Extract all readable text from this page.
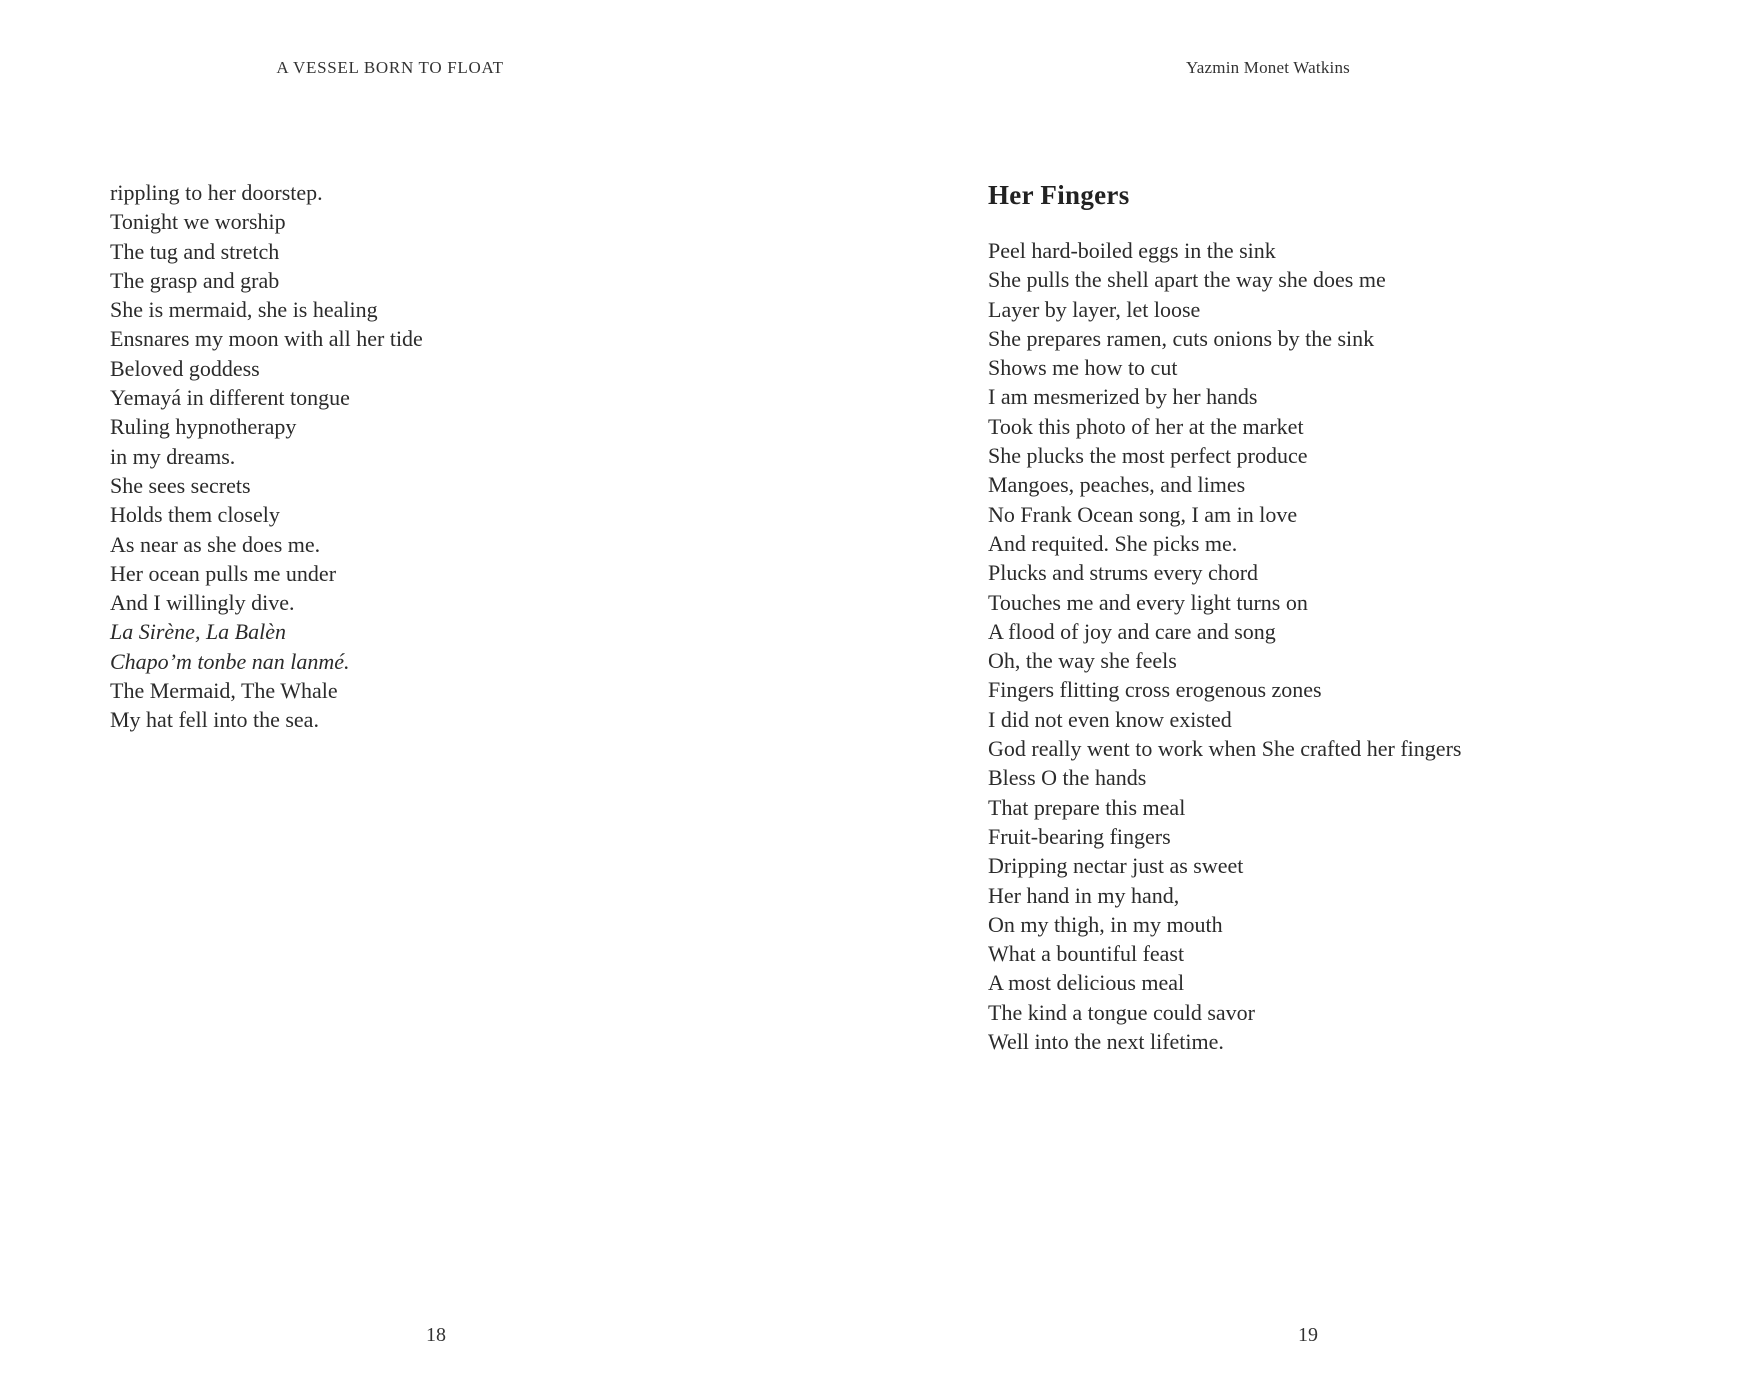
A VESSEL BORN TO FLOAT
rippling to her doorstep.
Tonight we worship
The tug and stretch
The grasp and grab
She is mermaid, she is healing
Ensnares my moon with all her tide
Beloved goddess
Yemayá in different tongue
Ruling hypnotherapy
in my dreams.
She sees secrets
Holds them closely
As near as she does me.
Her ocean pulls me under
And I willingly dive.
La Sirène, La Balèn
Chapo’m tonbe nan lanmé.
The Mermaid, The Whale
My hat fell into the sea.
18
Yazmin Monet Watkins
Her Fingers
Peel hard-boiled eggs in the sink
She pulls the shell apart the way she does me
Layer by layer, let loose
She prepares ramen, cuts onions by the sink
Shows me how to cut
I am mesmerized by her hands
Took this photo of her at the market
She plucks the most perfect produce
Mangoes, peaches, and limes
No Frank Ocean song, I am in love
And requited. She picks me.
Plucks and strums every chord
Touches me and every light turns on
A flood of joy and care and song
Oh, the way she feels
Fingers flitting cross erogenous zones
I did not even know existed
God really went to work when She crafted her fingers
Bless O the hands
That prepare this meal
Fruit-bearing fingers
Dripping nectar just as sweet
Her hand in my hand,
On my thigh, in my mouth
What a bountiful feast
A most delicious meal
The kind a tongue could savor
Well into the next lifetime.
19
